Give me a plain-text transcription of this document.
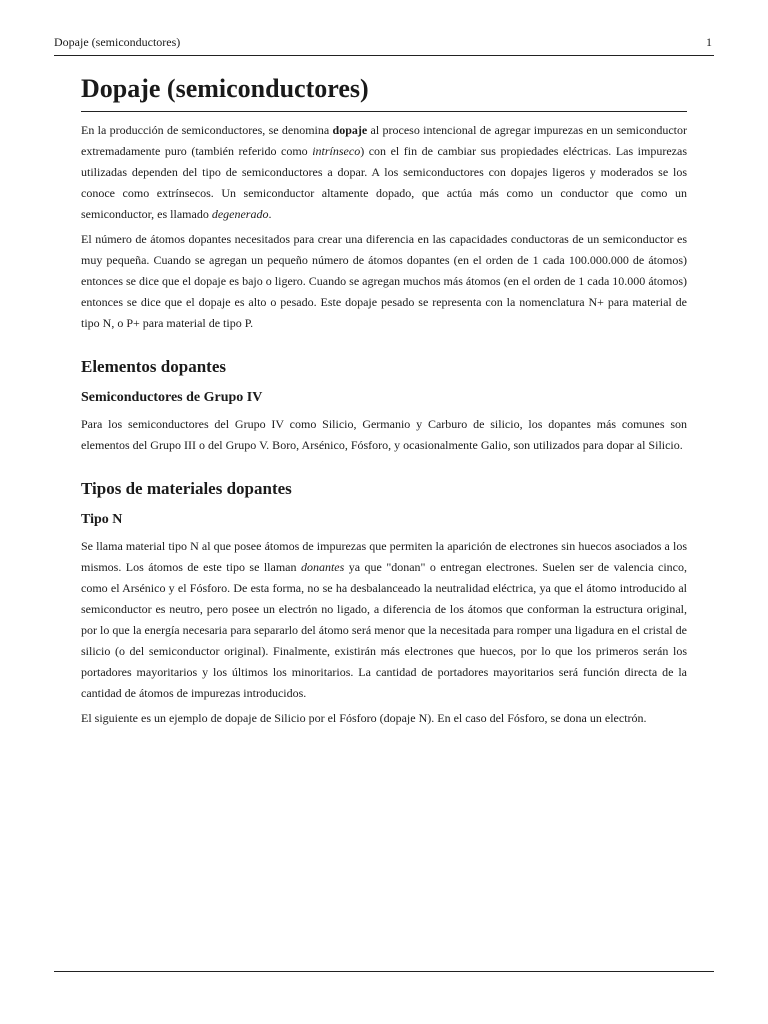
Dopaje (semiconductores)	1
Dopaje (semiconductores)

En la producción de semiconductores, se denomina dopaje al proceso intencional de agregar impurezas en un semiconductor extremadamente puro (también referido como intrínseco) con el fin de cambiar sus propiedades eléctricas. Las impurezas utilizadas dependen del tipo de semiconductores a dopar. A los semiconductores con dopajes ligeros y moderados se los conoce como extrínsecos. Un semiconductor altamente dopado, que actúa más como un conductor que como un semiconductor, es llamado degenerado.

El número de átomos dopantes necesitados para crear una diferencia en las capacidades conductoras de un semiconductor es muy pequeña. Cuando se agregan un pequeño número de átomos dopantes (en el orden de 1 cada 100.000.000 de átomos) entonces se dice que el dopaje es bajo o ligero. Cuando se agregan muchos más átomos (en el orden de 1 cada 10.000 átomos) entonces se dice que el dopaje es alto o pesado. Este dopaje pesado se representa con la nomenclatura N+ para material de tipo N, o P+ para material de tipo P.

Elementos dopantes
Semiconductores de Grupo IV

Para los semiconductores del Grupo IV como Silicio, Germanio y Carburo de silicio, los dopantes más comunes son elementos del Grupo III o del Grupo V. Boro, Arsénico, Fósforo, y ocasionalmente Galio, son utilizados para dopar al Silicio.

Tipos de materiales dopantes
Tipo N

Se llama material tipo N al que posee átomos de impurezas que permiten la aparición de electrones sin huecos asociados a los mismos. Los átomos de este tipo se llaman donantes ya que "donan" o entregan electrones. Suelen ser de valencia cinco, como el Arsénico y el Fósforo. De esta forma, no se ha desbalanceado la neutralidad eléctrica, ya que el átomo introducido al semiconductor es neutro, pero posee un electrón no ligado, a diferencia de los átomos que conforman la estructura original, por lo que la energía necesaria para separarlo del átomo será menor que la necesitada para romper una ligadura en el cristal de silicio (o del semiconductor original). Finalmente, existirán más electrones que huecos, por lo que los primeros serán los portadores mayoritarios y los últimos los minoritarios. La cantidad de portadores mayoritarios será función directa de la cantidad de átomos de impurezas introducidos.

El siguiente es un ejemplo de dopaje de Silicio por el Fósforo (dopaje N). En el caso del Fósforo, se dona un electrón.
